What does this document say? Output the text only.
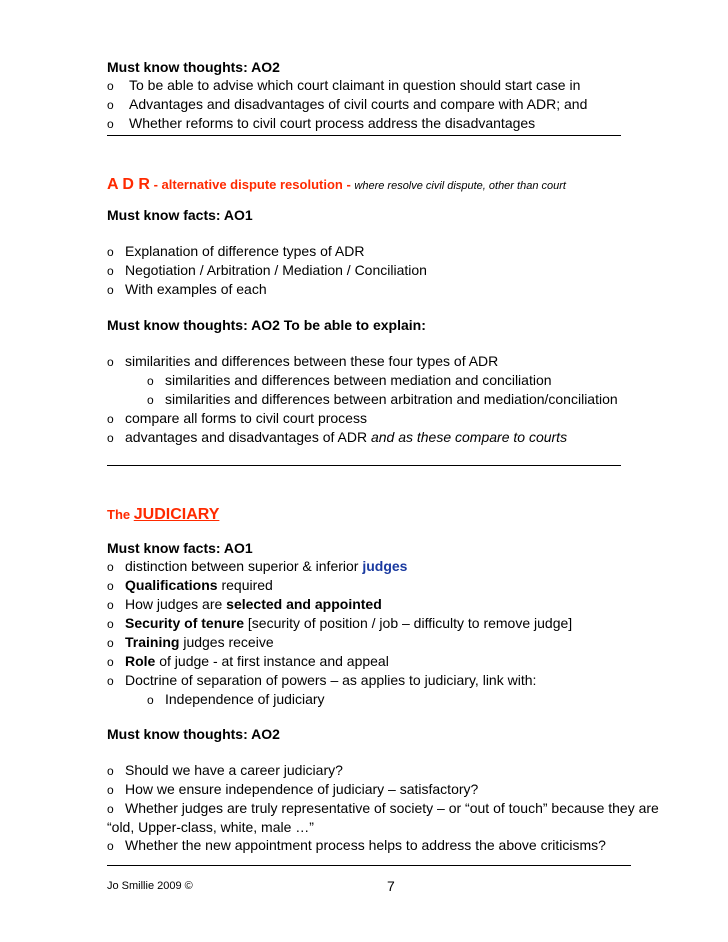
Must know thoughts: AO2
o To be able to advise which court claimant in question should start case in
o Advantages and disadvantages of civil courts and compare with ADR; and
o Whether reforms to civil court process address the disadvantages
A D R - alternative dispute resolution - where resolve civil dispute, other than court
Must know facts: AO1
o Explanation of difference types of ADR
o Negotiation / Arbitration / Mediation / Conciliation
o With examples of each
Must know thoughts: AO2 To be able to explain:
o similarities and differences between these four types of ADR
o similarities and differences between mediation and conciliation
o similarities and differences between arbitration and mediation/conciliation
o compare all forms to civil court process
o advantages and disadvantages of ADR and as these compare to courts
The JUDICIARY
Must know facts: AO1
o distinction between superior & inferior judges
o Qualifications required
o How judges are selected and appointed
o Security of tenure [security of position / job – difficulty to remove judge]
o Training judges receive
o Role of judge - at first instance and appeal
o Doctrine of separation of powers – as applies to judiciary, link with:
o Independence of judiciary
Must know thoughts: AO2
o Should we have a career judiciary?
o How we ensure independence of judiciary – satisfactory?
o Whether judges are truly representative of society – or “out of touch” because they are
“old, Upper-class, white, male …”
o Whether the new appointment process helps to address the above criticisms?
Jo Smillie 2009 ©	7
